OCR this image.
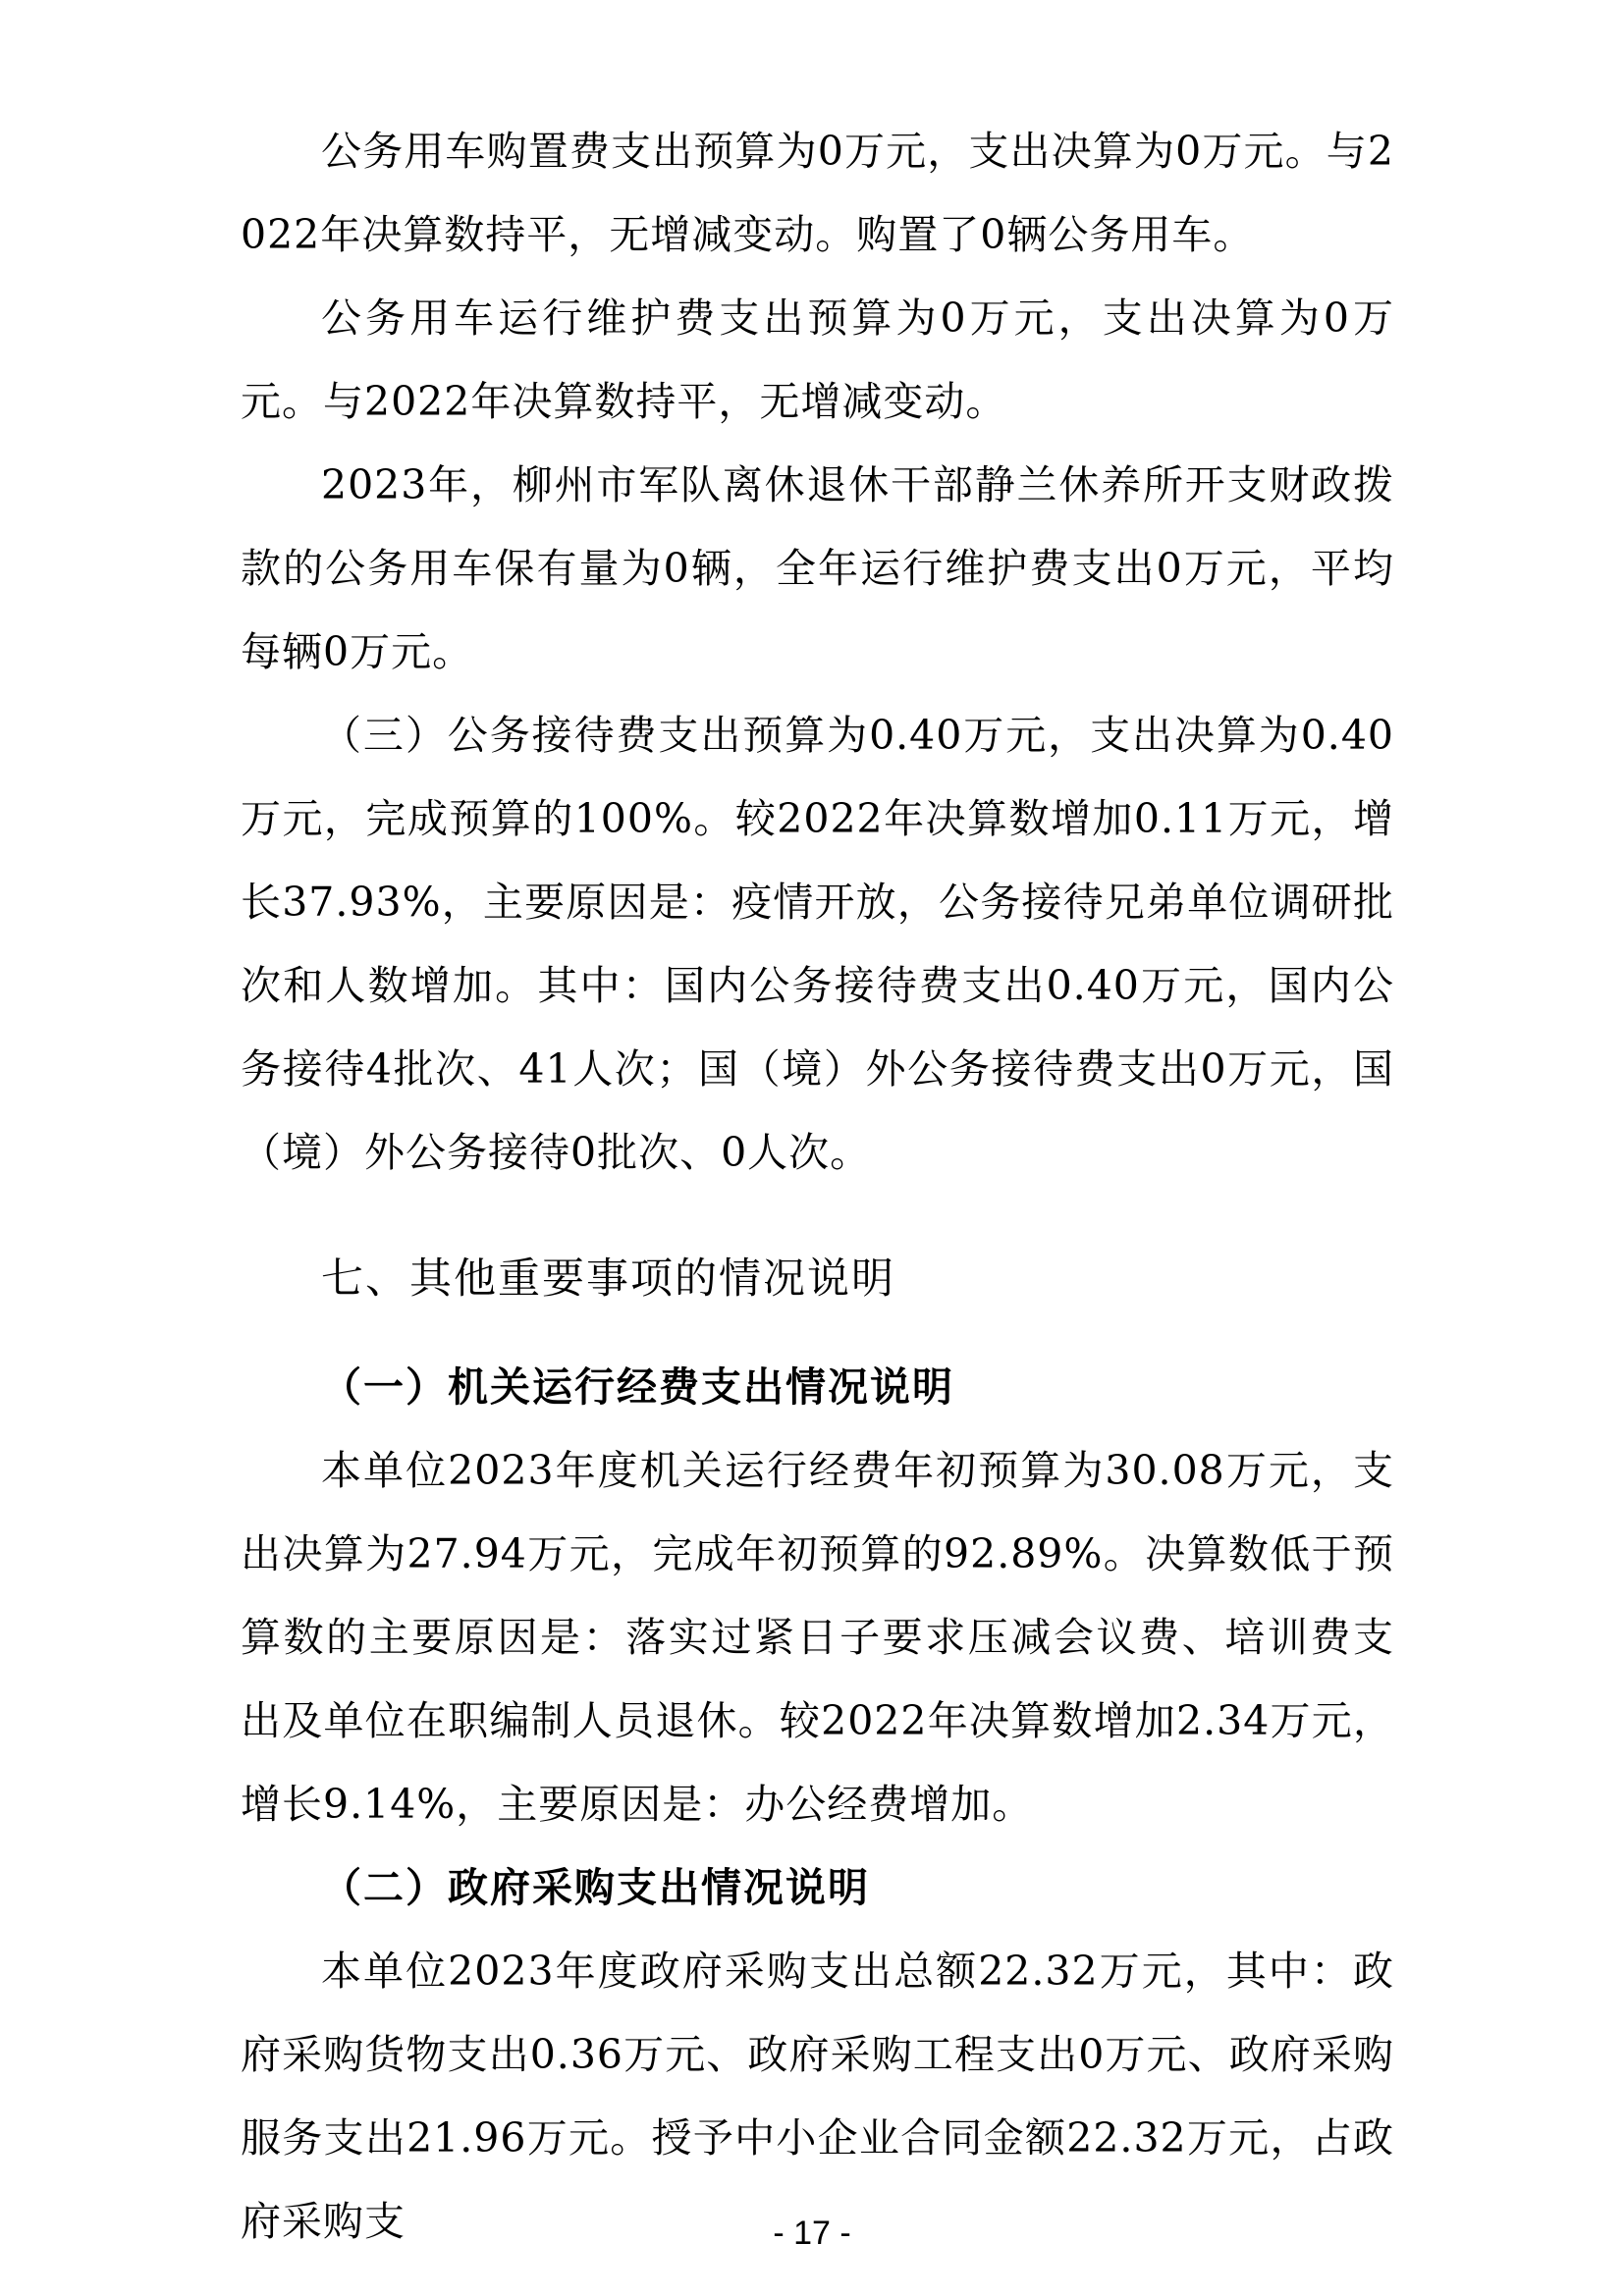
公务用车购置费支出预算为0万元，支出决算为0万元。与2022年决算数持平，无增减变动。购置了0辆公务用车。

公务用车运行维护费支出预算为0万元，支出决算为0万元。与2022年决算数持平，无增减变动。

2023年，柳州市军队离休退休干部静兰休养所开支财政拨款的公务用车保有量为0辆，全年运行维护费支出0万元，平均每辆0万元。

（三）公务接待费支出预算为0.40万元，支出决算为0.40万元，完成预算的100%。较2022年决算数增加0.11万元，增长37.93%，主要原因是：疫情开放，公务接待兄弟单位调研批次和人数增加。其中：国内公务接待费支出0.40万元，国内公务接待4批次、41人次；国（境）外公务接待费支出0万元，国（境）外公务接待0批次、0人次。

七、其他重要事项的情况说明
（一）机关运行经费支出情况说明

本单位2023年度机关运行经费年初预算为30.08万元，支出决算为27.94万元，完成年初预算的92.89%。决算数低于预算数的主要原因是：落实过紧日子要求压减会议费、培训费支出及单位在职编制人员退休。较2022年决算数增加2.34万元，增长9.14%，主要原因是：办公经费增加。

（二）政府采购支出情况说明

本单位2023年度政府采购支出总额22.32万元，其中：政府采购货物支出0.36万元、政府采购工程支出0万元、政府采购服务支出21.96万元。授予中小企业合同金额22.32万元，占政府采购支	- 17 -
